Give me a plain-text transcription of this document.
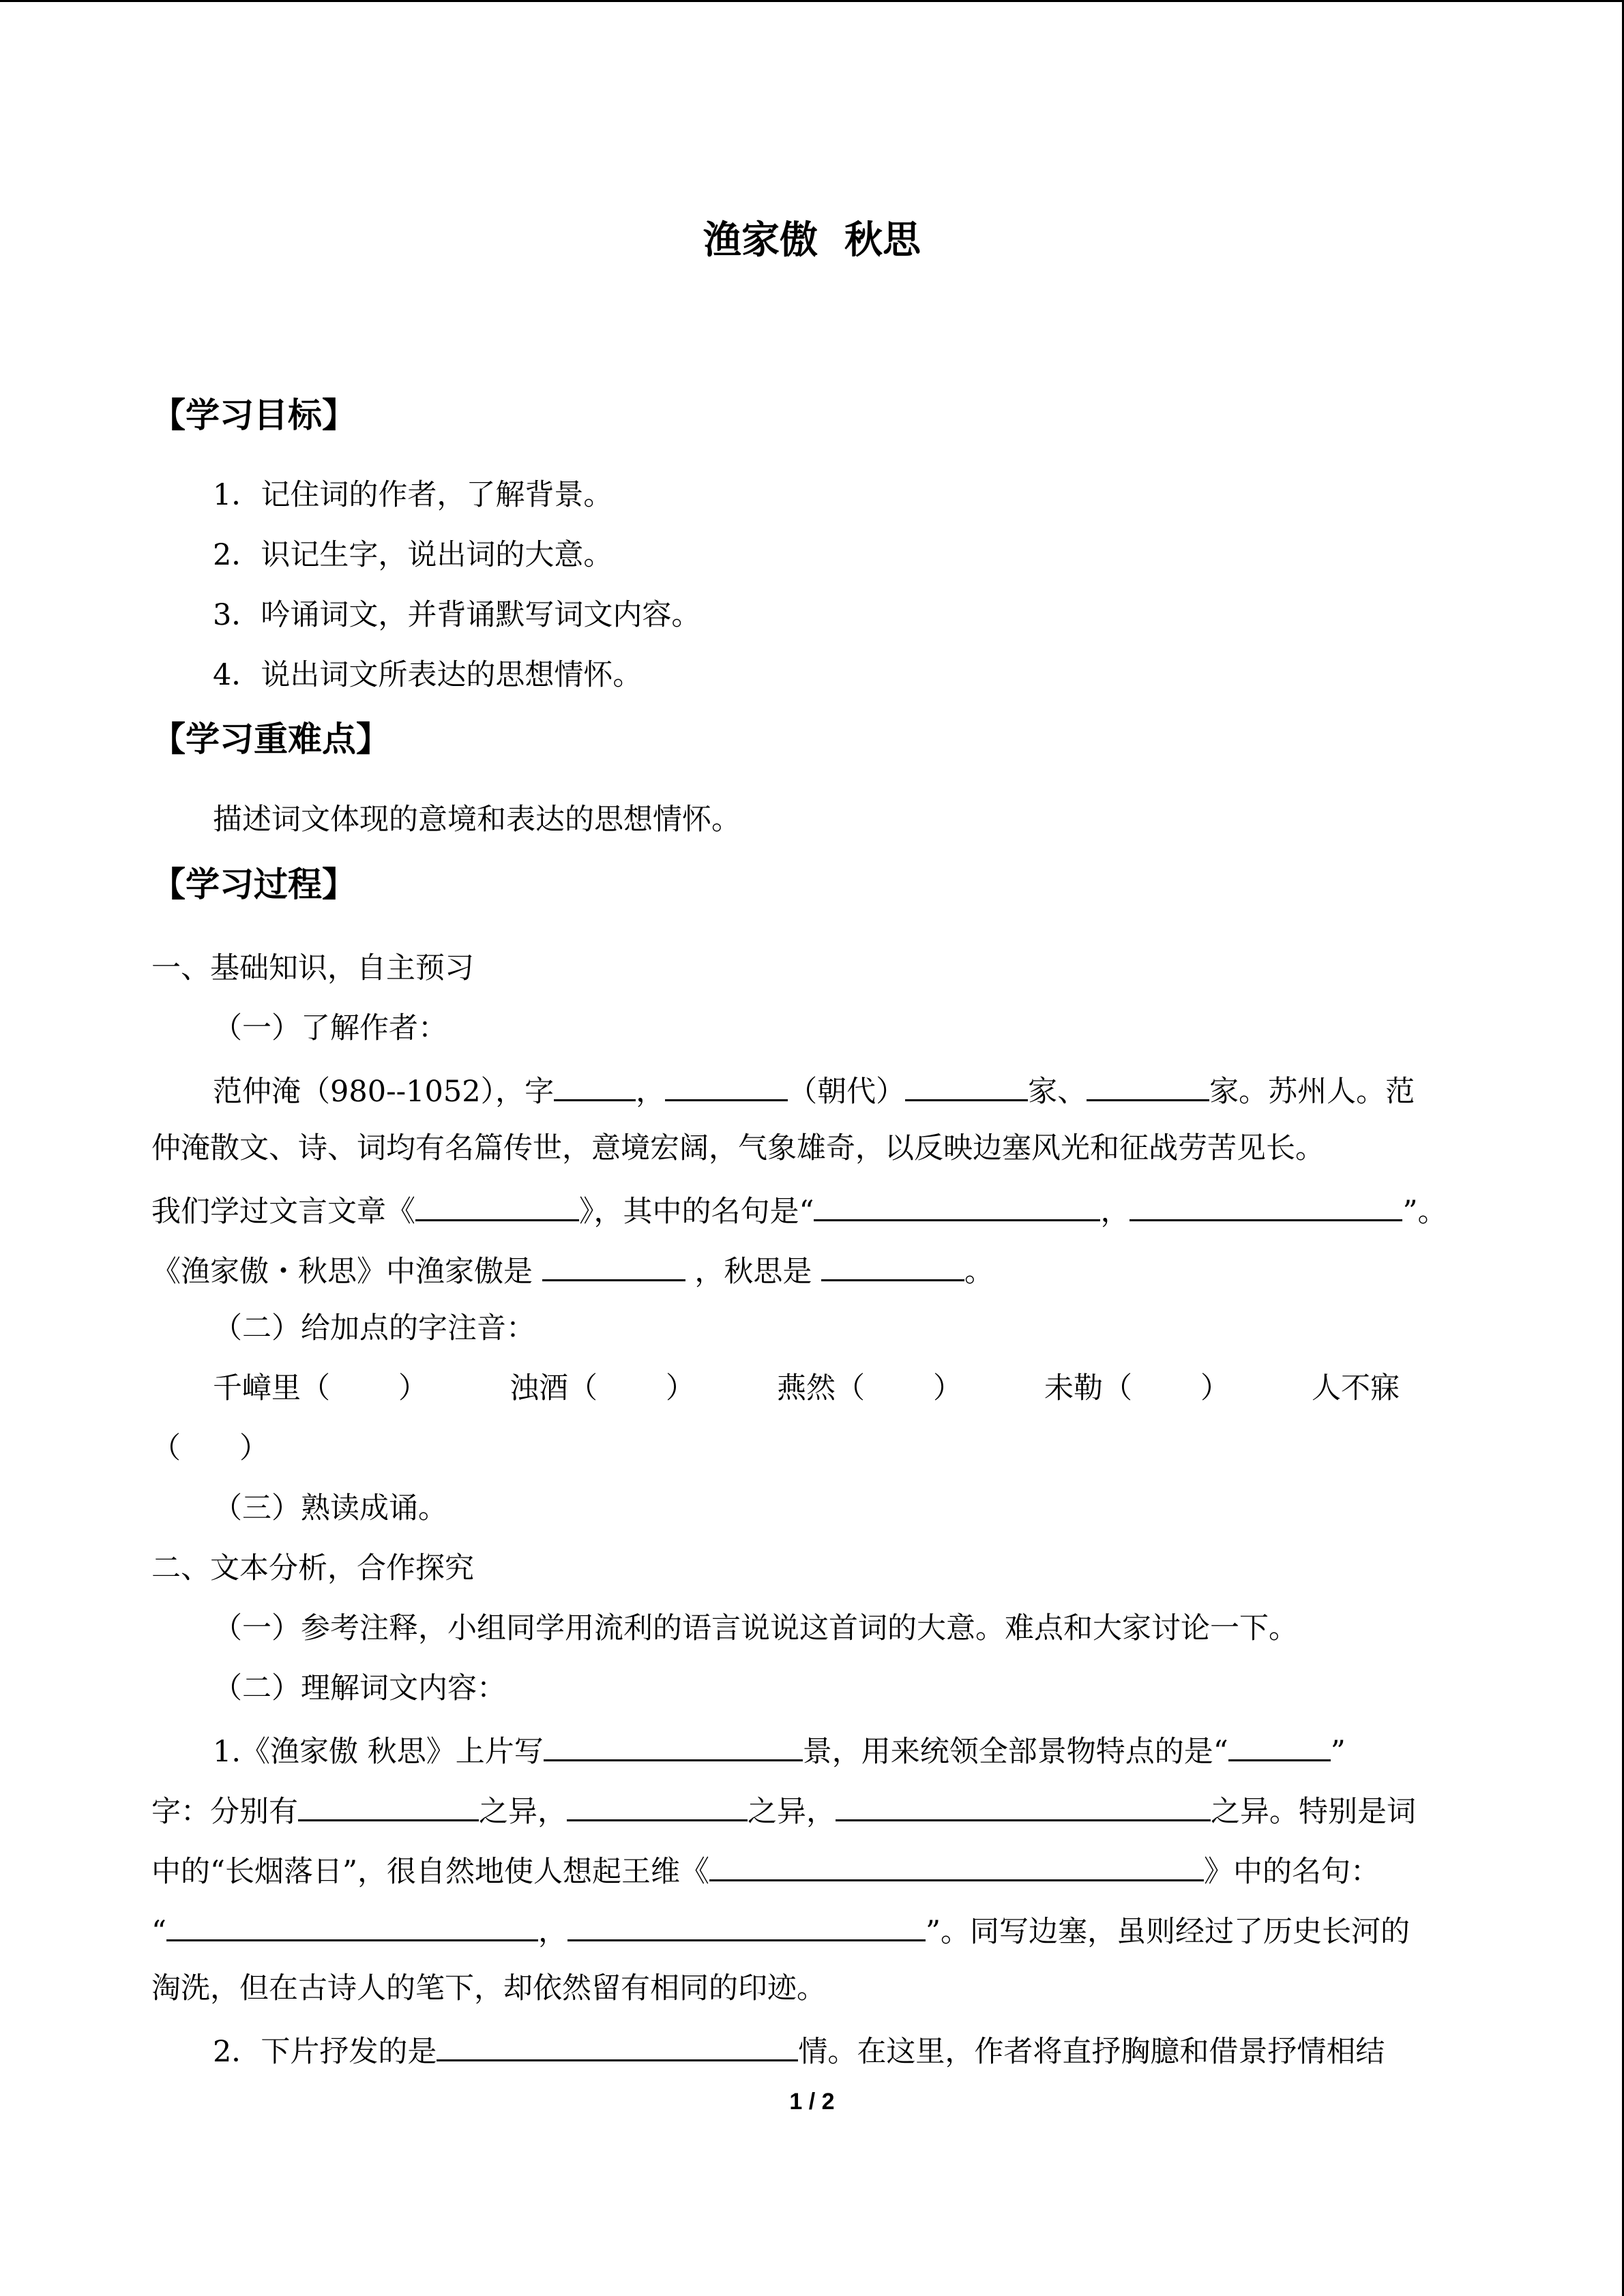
渔家傲  秋思
【学习目标】
1．记住词的作者，了解背景。
2．识记生字，说出词的大意。
3．吟诵词文，并背诵默写词文内容。
4．说出词文所表达的思想情怀。
【学习重难点】
描述词文体现的意境和表达的思想情怀。
【学习过程】
一、基础知识，自主预习
（一）了解作者：
范仲淹（980--1052），字	，	（朝代）	家、	家。苏州人。范
仲淹散文、诗、词均有名篇传世，意境宏阔，气象雄奇，以反映边塞风光和征战劳苦见长。
我们学过文言文章《	》，其中的名句是“	，	”。
《渔家傲・秋思》中渔家傲是	，秋思是	。
（二）给加点的字注音：
千嶂里（ ）	浊酒（ ）	燕然（ ）	未勒（ ）	人不寐
（　　）
（三）熟读成诵。
二、文本分析，合作探究
（一）参考注释，小组同学用流利的语言说说这首词的大意。难点和大家讨论一下。
（二）理解词文内容：
1.《渔家傲 秋思》上片写	景，用来统领全部景物特点的是“	”
字：分别有	之异，	之异，	之异。特别是词
中的“长烟落日”，很自然地使人想起王维《	》中的名句：
“	，	”。同写边塞，虽则经过了历史长河的
淘洗，但在古诗人的笔下，却依然留有相同的印迹。
2．下片抒发的是	情。在这里，作者将直抒胸臆和借景抒情相结
1 / 2
